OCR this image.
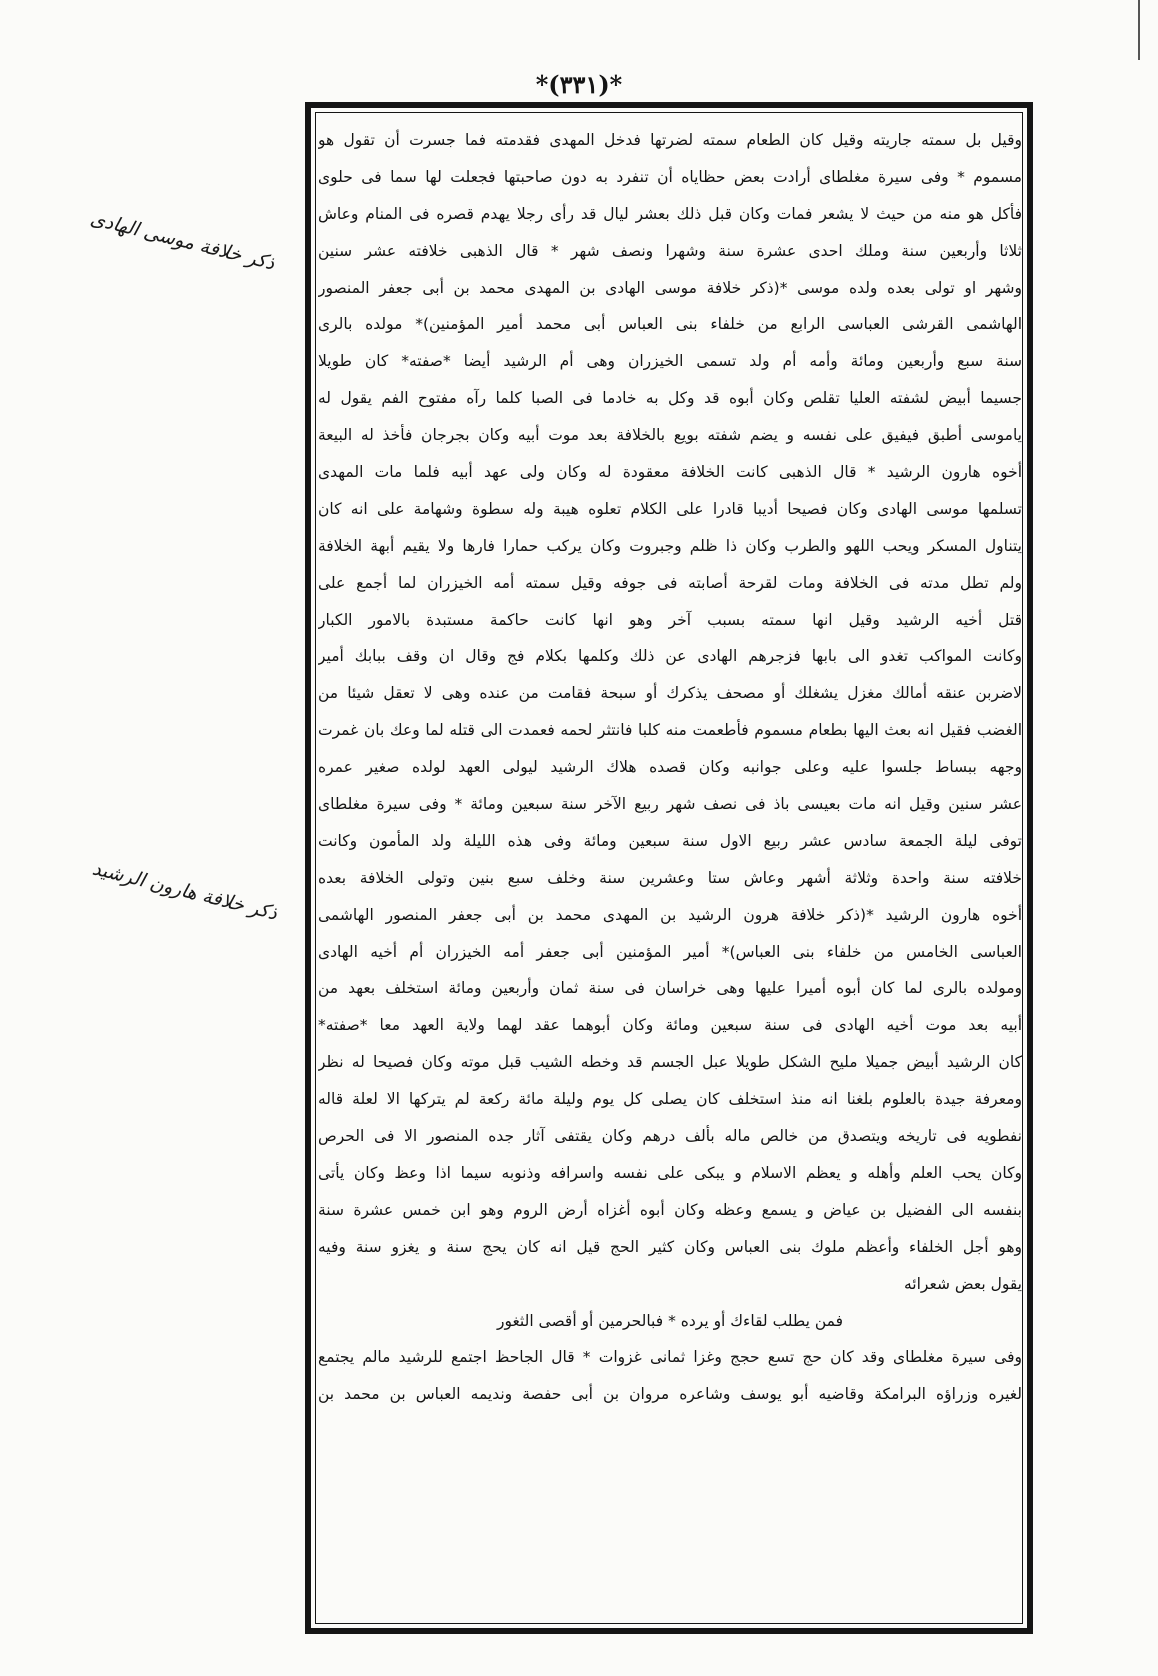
*(٣٣١)*
ذكر خلافة موسى الهادى
ذكر خلافة هارون الرشيد
وقيل بل سمته جاريته وقيل كان الطعام سمته لضرتها فدخل المهدى فقدمته فما جسرت أن تقول هو
مسموم * وفى سيرة مغلطاى أرادت بعض حظاياه أن تنفرد به دون صاحبتها فجعلت لها سما فى حلوى
فأكل هو منه من حيث لا يشعر فمات وكان قبل ذلك بعشر ليال قد رأى رجلا يهدم قصره فى المنام وعاش
ثلاثا وأربعين سنة وملك احدى عشرة سنة وشهرا ونصف شهر * قال الذهبى خلافته عشر سنين
وشهر او تولى بعده ولده موسى *(ذكر خلافة موسى الهادى بن المهدى محمد بن أبى جعفر المنصور
الهاشمى القرشى العباسى الرابع من خلفاء بنى العباس أبى محمد أمير المؤمنين)* مولده بالرى
سنة سبع وأربعين ومائة وأمه أم ولد تسمى الخيزران وهى أم الرشيد أيضا *صفته* كان طويلا
جسيما أبيض لشفته العليا تقلص وكان أبوه قد وكل به خادما فى الصبا كلما رآه مفتوح الفم يقول له
ياموسى أطبق فيفيق على نفسه و يضم شفته بويع بالخلافة بعد موت أبيه وكان بجرجان فأخذ له البيعة
أخوه هارون الرشيد * قال الذهبى كانت الخلافة معقودة له وكان ولى عهد أبيه فلما مات المهدى
تسلمها موسى الهادى وكان فصيحا أديبا قادرا على الكلام تعلوه هيبة وله سطوة وشهامة على انه كان
يتناول المسكر ويحب اللهو والطرب وكان ذا ظلم وجبروت وكان يركب حمارا فارها ولا يقيم أبهة الخلافة
ولم تطل مدته فى الخلافة ومات لقرحة أصابته فى جوفه وقيل سمته أمه الخيزران لما أجمع على
قتل أخيه الرشيد وقيل انها سمته بسبب آخر وهو انها كانت حاكمة مستبدة بالامور الكبار
وكانت المواكب تغدو الى بابها فزجرهم الهادى عن ذلك وكلمها بكلام فج وقال ان وقف ببابك أمير
لاضربن عنقه أمالك مغزل يشغلك أو مصحف يذكرك أو سبحة فقامت من عنده وهى لا تعقل شيئا من
الغضب فقيل انه بعث اليها بطعام مسموم فأطعمت منه كلبا فانتثر لحمه فعمدت الى قتله لما وعك بان غمرت
وجهه ببساط جلسوا عليه وعلى جوانبه وكان قصده هلاك الرشيد ليولى العهد لولده صغير عمره
عشر سنين وقيل انه مات بعيسى باذ فى نصف شهر ربيع الآخر سنة سبعين ومائة * وفى سيرة مغلطاى
توفى ليلة الجمعة سادس عشر ربيع الاول سنة سبعين ومائة وفى هذه الليلة ولد المأمون وكانت
خلافته سنة واحدة وثلاثة أشهر وعاش ستا وعشرين سنة وخلف سبع بنين وتولى الخلافة بعده
أخوه هارون الرشيد *(ذكر خلافة هرون الرشيد بن المهدى محمد بن أبى جعفر المنصور الهاشمى
العباسى الخامس من خلفاء بنى العباس)* أمير المؤمنين أبى جعفر أمه الخيزران أم أخيه الهادى
ومولده بالرى لما كان أبوه أميرا عليها وهى خراسان فى سنة ثمان وأربعين ومائة استخلف بعهد من
أبيه بعد موت أخيه الهادى فى سنة سبعين ومائة وكان أبوهما عقد لهما ولاية العهد معا *صفته*
كان الرشيد أبيض جميلا مليح الشكل طويلا عبل الجسم قد وخطه الشيب قبل موته وكان فصيحا له نظر
ومعرفة جيدة بالعلوم بلغنا انه منذ استخلف كان يصلى كل يوم وليلة مائة ركعة لم يتركها الا لعلة قاله
نفطويه فى تاريخه ويتصدق من خالص ماله بألف درهم وكان يقتفى آثار جده المنصور الا فى الحرص
وكان يحب العلم وأهله و يعظم الاسلام و يبكى على نفسه واسرافه وذنوبه سيما اذا وعظ وكان يأتى
بنفسه الى الفضيل بن عياض و يسمع وعظه وكان أبوه أغزاه أرض الروم وهو ابن خمس عشرة سنة
وهو أجل الخلفاء وأعظم ملوك بنى العباس وكان كثير الحج قيل انه كان يحج سنة و يغزو سنة وفيه
يقول بعض شعرائه
فمن يطلب لقاءك أو يرده * فبالحرمين أو أقصى الثغور
وفى سيرة مغلطاى وقد كان حج تسع حجج وغزا ثمانى غزوات * قال الجاحظ اجتمع للرشيد مالم يجتمع
لغيره وزراؤه البرامكة وقاضيه أبو يوسف وشاعره مروان بن أبى حفصة ونديمه العباس بن محمد بن
